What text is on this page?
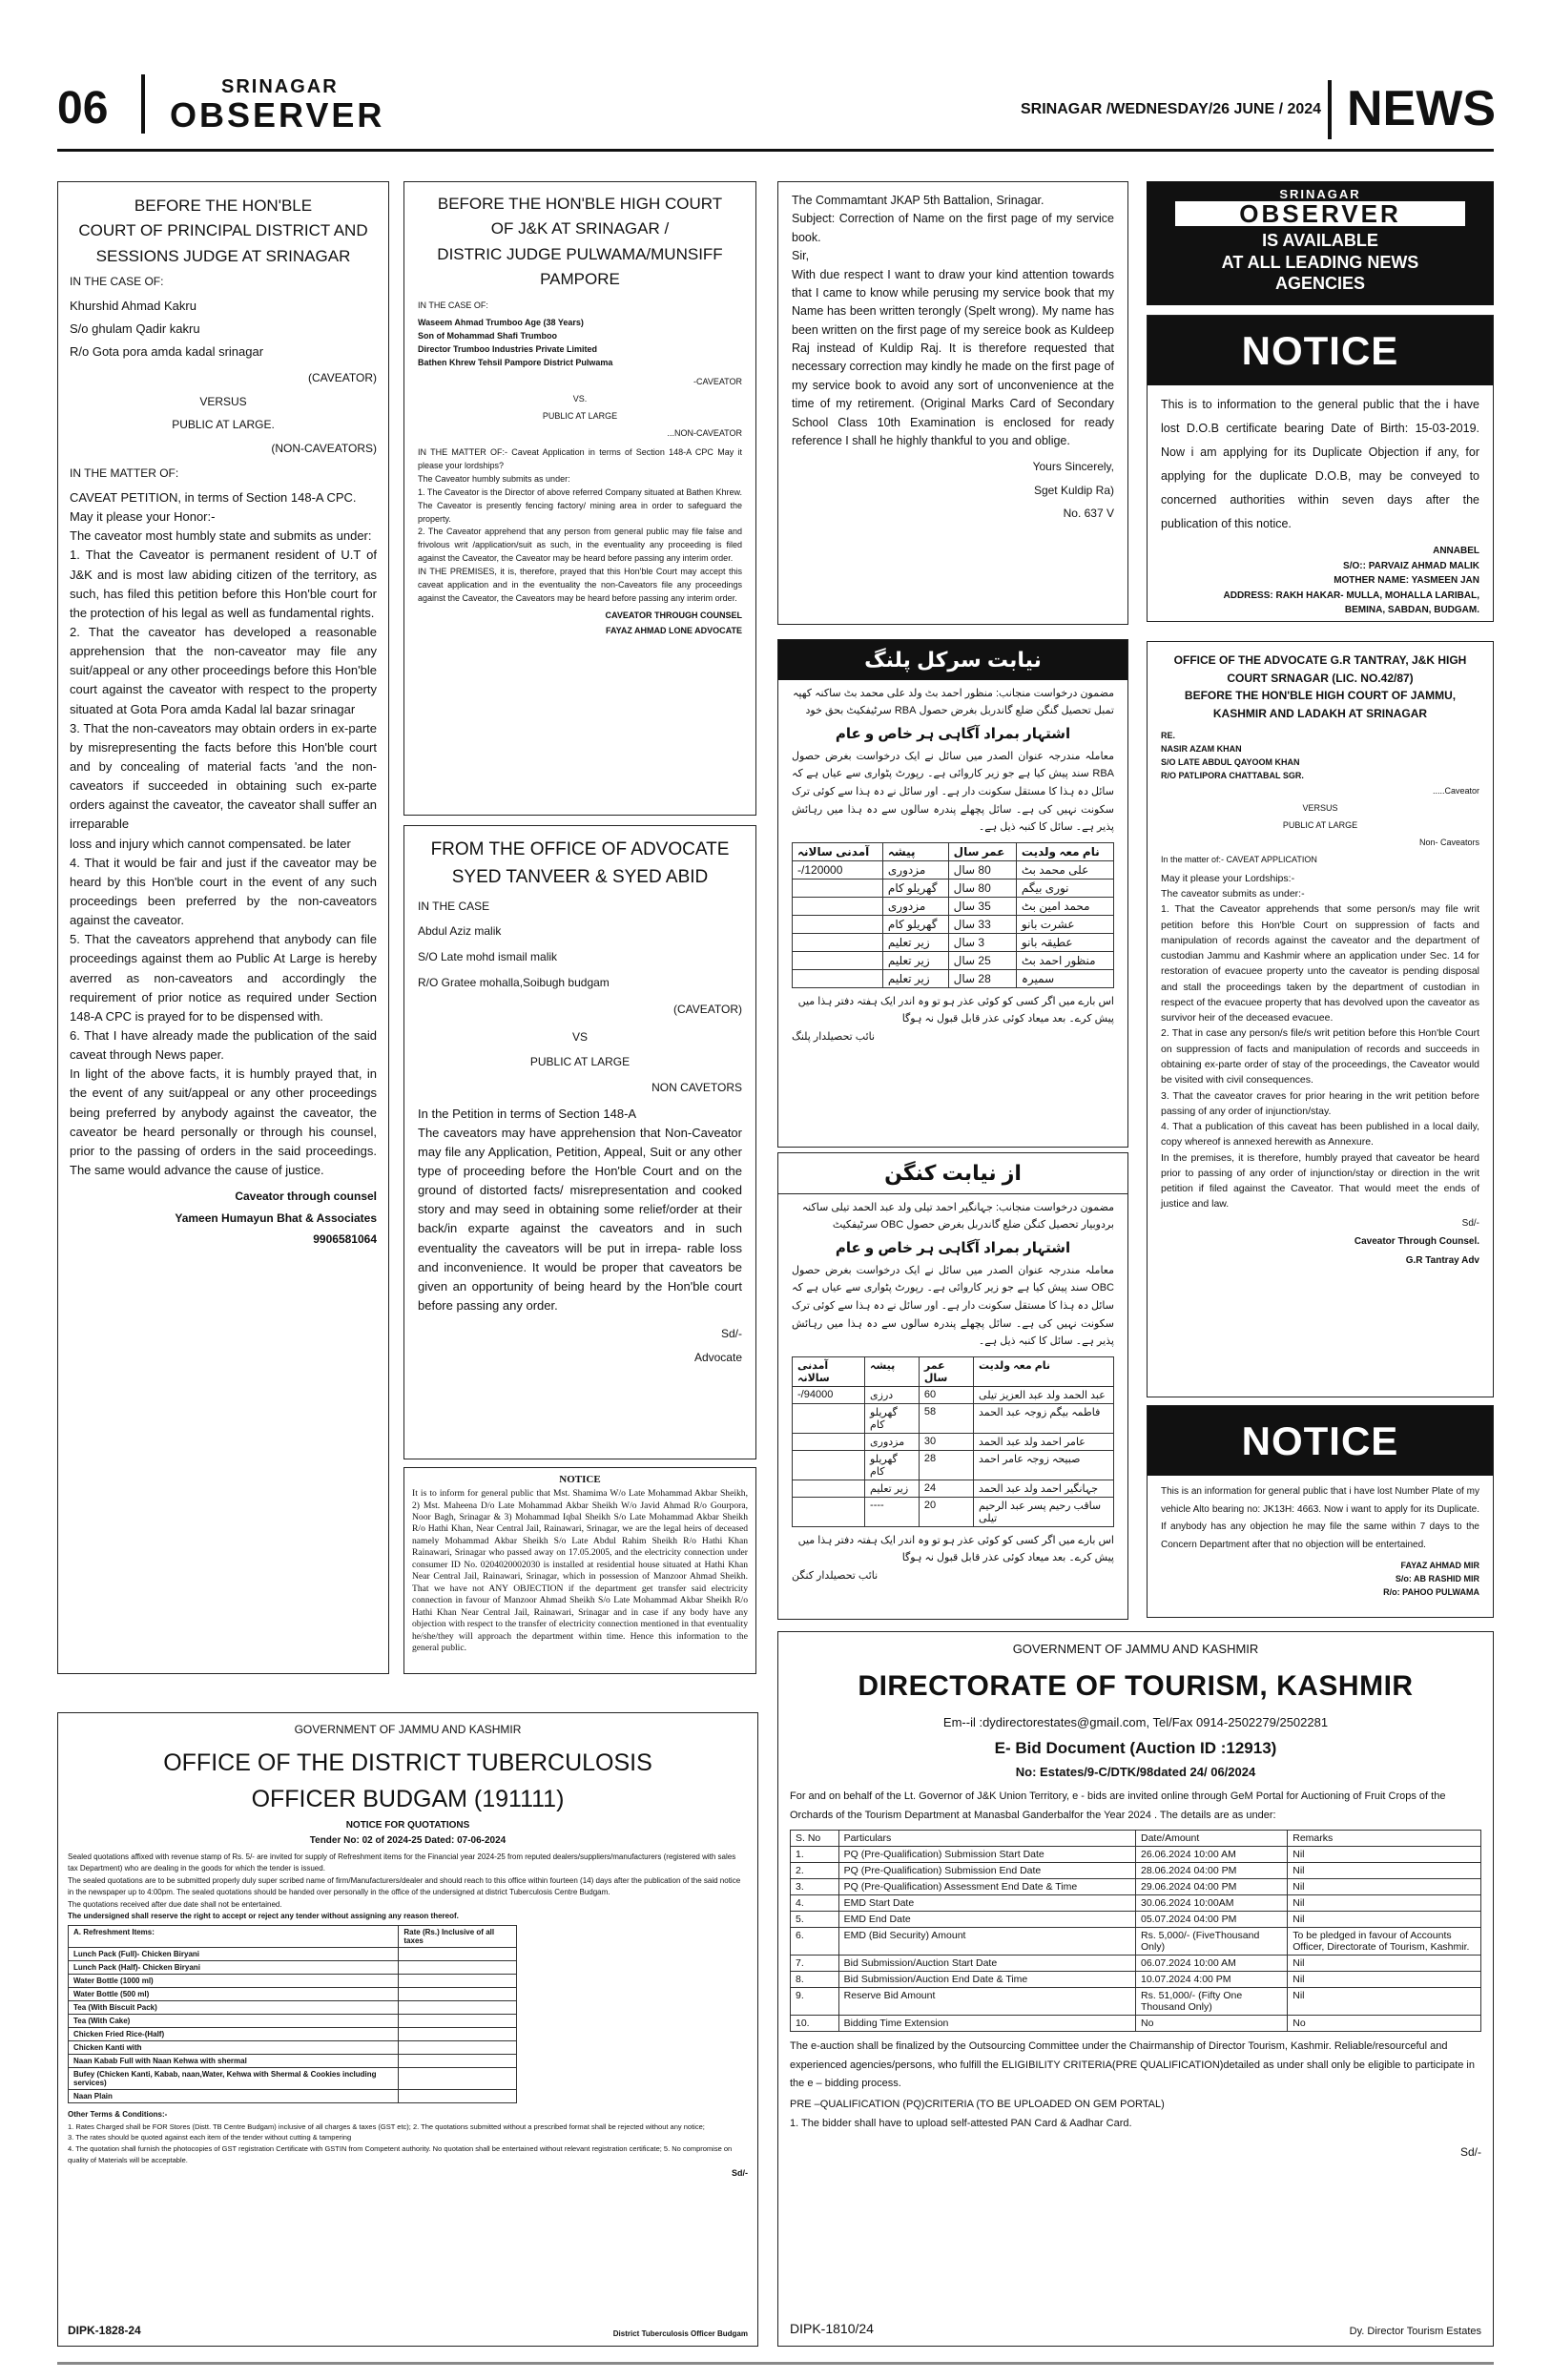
06	SRINAGAR
OBSERVER	SRINAGAR /WEDNESDAY/26 JUNE / 2024 NEWS
BEFORE THE HON'BLE
COURT OF PRINCIPAL DISTRICT AND
SESSIONS JUDGE AT SRINAGAR
IN THE CASE OF:
Khurshid Ahmad Kakru
S/o ghulam Qadir kakru
R/o Gota pora amda kadal srinagar
(CAVEATOR)
VERSUS
PUBLIC AT LARGE.
(NON-CAVEATORS)
IN THE MATTER OF:

CAVEAT PETITION, in terms of Section 148-A CPC.

May it please your Honor:-

The caveator most humbly state and submits as under:

1. That the Caveator is permanent resident of U.T of J&K and is most law abiding citizen of the territory, as such, has filed this petition before this Hon'ble court for the protection of his legal as well as fundamental rights.

2. That the caveator has developed a reasonable apprehension that the non-caveator may file any suit/appeal or any other proceedings before this Hon'ble court against the caveator with respect to the property situated at Gota Pora amda Kadal lal bazar srinagar

3. That the non-caveators may obtain orders in ex-parte by misrepresenting the facts before this Hon'ble court and by concealing of material facts 'and the non-caveators if succeeded in obtaining such ex-parte orders against the caveator, the caveator shall suffer an irreparable

loss and injury which cannot compensated. be later

4. That it would be fair and just if the caveator may be heard by this Hon'ble court in the event of any such proceedings been preferred by the non-caveators against the caveator.

5. That the caveators apprehend that anybody can file proceedings against them ao Public At Large is hereby averred as non-caveators and accordingly the requirement of prior notice as required under Section 148-A CPC is prayed for to be dispensed with.

6. That I have already made the publication of the said caveat through News paper.

In light of the above facts, it is humbly prayed that, in the event of any suit/appeal or any other proceedings being preferred by anybody against the caveator, the caveator be heard personally or through his counsel, prior to the passing of orders in the said proceedings. The same would advance the cause of justice.

Caveator through counsel
Yameen Humayun Bhat & Associates
9906581064
BEFORE THE HON'BLE HIGH COURT
OF J&K AT SRINAGAR /
DISTRIC JUDGE PULWAMA/MUNSIFF
PAMPORE
IN THE CASE OF:
Waseem Ahmad Trumboo Age (38 Years)
Son of Mohammad Shafi Trumboo
Director Trumboo Industries Private Limited
Bathen Khrew Tehsil Pampore District Pulwama
-CAVEATOR
VS.
PUBLIC AT LARGE
...NON-CAVEATOR

IN THE MATTER OF:- Caveat Application in terms of Section 148-A CPC May it please your lordships?

The Caveator humbly submits as under:

1. The Caveator is the Director of above referred Company situated at Bathen Khrew. The Caveator is presently fencing factory/ mining area in order to safeguard the property.

2. The Caveator apprehend that any person from general public may file false and frivolous writ /application/suit as such, in the eventuality any proceeding is filed against the Caveator, the Caveator may be heard before passing any interim order.

IN THE PREMISES, it is, therefore, prayed that this Hon'ble Court may accept this caveat application and in the eventuality the non-Caveators file any proceedings against the Caveator, the Caveators may be heard before passing any interim order.

CAVEATOR THROUGH COUNSEL
FAYAZ AHMAD LONE ADVOCATE
FROM THE OFFICE OF ADVOCATE
SYED TANVEER & SYED ABID
IN THE CASE
Abdul Aziz malik
S/O Late mohd ismail malik
R/O Gratee mohalla,Soibugh budgam
(CAVEATOR)
VS
PUBLIC AT LARGE
NON CAVETORS

In the Petition in terms of Section 148-A

The caveators may have apprehension that Non-Caveator may file any Application, Petition, Appeal, Suit or any other type of proceeding before the Hon'ble Court and on the ground of distorted facts/ misrepresentation and cooked story and may seed in obtaining some relief/order at their back/in exparte against the caveators and in such eventuality the caveators will be put in irrepa- rable loss and inconvenience. It would be proper that caveators be given an opportunity of being heard by the Hon'ble court before passing any order.

Sd/-
Advocate
NOTICE
It is to inform for general public that Mst. Shamima W/o Late Mohammad Akbar Sheikh, 2) Mst. Maheena D/o Late Mohammad Akbar Sheikh W/o Javid Ahmad R/o Gourpora, Noor Bagh, Srinagar & 3) Mohammad Iqbal Sheikh S/o Late Mohammad Akbar Sheikh R/o Hathi Khan, Near Central Jail, Rainawari, Srinagar, we are the legal heirs of deceased namely Mohammad Akbar Sheikh S/o Late Abdul Rahim Sheikh R/o Hathi Khan Rainawari, Srinagar who passed away on 17.05.2005, and the electricity connection under consumer ID No. 0204020002030 is installed at residential house situated at Hathi Khan Near Central Jail, Rainawari, Srinagar, which in possession of Manzoor Ahmad Sheikh. That we have not ANY OBJECTION if the department get transfer said electricity connection in favour of Manzoor Ahmad Sheikh S/o Late Mohammad Akbar Sheikh R/o Hathi Khan Near Central Jail, Rainawari, Srinagar and in case if any body have any objection with respect to the transfer of electricity connection mentioned in that eventuality he/she/they will approach the department within time. Hence this information to the general public.

The Commamtant JKAP 5th Battalion, Srinagar.

Subject: Correction of Name on the first page of my service book.

Sir,

With due respect I want to draw your kind attention towards that I came to know while perusing my service book that my Name has been written terongly (Spelt wrong). My name has been written on the first page of my sereice book as Kuldeep Raj instead of Kuldip Raj. It is therefore requested that necessary correction may kindly he made on the first page of my service book to avoid any sort of unconvenience at the time of my retirement. (Original Marks Card of Secondary School Class 10th Examination is enclosed for ready reference I shall he highly thankful to you and oblige.

Yours Sincerely,
Sget Kuldip Ra)
No. 637 V
نیابت سرکل پلنگ
مضمون درخواست منجانب: منظور احمد بٹ ولد علی محمد بٹ ساکنہ کھپہ تمبل تحصیل گنگن ضلع گاندربل بغرض حصول RBA سرٹیفکیٹ بحق خود
اشتہار بمراد آگاہی ہر خاص و عام
معاملہ مندرجہ عنوان الصدر میں سائل نے ایک درخواست بغرض حصول RBA سند پیش کیا ہے جو زیر کاروائی ہے۔ رپورٹ پٹواری سے عیاں ہے کہ سائل دہ ہذا کا مستقل سکونت دار ہے۔ اور سائل نے دہ ہذا سے کوئی ترک سکونت نہیں کی ہے۔ سائل پچھلے پندرہ سالوں سے دہ ہذا میں رہائش پذیر ہے۔ سائل کا کنبہ ذیل ہے۔
نام معہ ولدیت	عمر سال	پیشہ	آمدنی سالانہ
علی محمد بٹ	80 سال	مزدوری	120000/-
نوری بیگم	80 سال	گھریلو کام	
محمد امین بٹ	35 سال	مزدوری	
عشرت بانو	33 سال	گھریلو کام	
عطیقہ بانو	3 سال	زیر تعلیم	
منظور احمد بٹ	25 سال	زیر تعلیم	
سمیرہ	28 سال	زیر تعلیم	
اس بارے میں اگر کسی کو کوئی عذر ہو تو وہ اندر ایک ہفتہ دفتر ہذا میں پیش کرے۔ بعد میعاد کوئی عذر قابل قبول نہ ہوگا
نائب تحصیلدار پلنگ
از نیابت کنگن
مضمون درخواست منجانب: جہانگیر احمد تیلی ولد عبد الحمد تیلی ساکنہ بردوبیار تحصیل کنگن ضلع گاندربل بغرض حصول OBC سرٹیفکیٹ
اشتہار بمراد آگاہی ہر خاص و عام
معاملہ مندرجہ عنوان الصدر میں سائل نے ایک درخواست بغرض حصول OBC سند پیش کیا ہے جو زیر کاروائی ہے۔ رپورٹ پٹواری سے عیاں ہے کہ سائل دہ ہذا کا مستقل سکونت دار ہے۔ اور سائل نے دہ ہذا سے کوئی ترک سکونت نہیں کی ہے۔ سائل پچھلے پندرہ سالوں سے دہ ہذا میں رہائش پذیر ہے۔ سائل کا کنبہ ذیل ہے۔
نام معہ ولدیت	عمر سال	پیشہ	آمدنی سالانہ
عبد الحمد ولد عبد العزیز تیلی	60	درزی	94000/-
فاطمہ بیگم زوجہ عبد الحمد	58	گھریلو کام	
عامر احمد ولد عبد الحمد	30	مزدوری	
صبیحہ زوجہ عامر احمد	28	گھریلو کام	
جہانگیر احمد ولد عبد الحمد	24	زیر تعلیم	
ساقب رحیم پسر عبد الرحیم تیلی	20	----	
اس بارے میں اگر کسی کو کوئی عذر ہو تو وہ اندر ایک ہفتہ دفتر ہذا میں پیش کرے۔ بعد میعاد کوئی عذر قابل قبول نہ ہوگا
نائب تحصیلدار کنگن
SRINAGAR
OBSERVER
IS AVAILABLE
AT ALL LEADING NEWS
AGENCIES
NOTICE
This is to information to the general public that the i have lost D.O.B certificate bearing Date of Birth: 15-03-2019. Now i am applying for its Duplicate Objection if any, for applying for the duplicate D.O.B, may be conveyed to concerned authorities within seven days after the publication of this notice.
ANNABEL
S/O:: PARVAIZ AHMAD MALIK
MOTHER NAME: YASMEEN JAN
ADDRESS: RAKH HAKAR- MULLA, MOHALLA LARIBAL,
BEMINA, SABDAN, BUDGAM.
OFFICE OF THE ADVOCATE G.R TANTRAY, J&K HIGH
COURT SRNAGAR (LIC. NO.42/87)
BEFORE THE HON'BLE HIGH COURT OF JAMMU,
KASHMIR AND LADAKH AT SRINAGAR
RE.
NASIR AZAM KHAN
S/O LATE ABDUL QAYOOM KHAN
R/O PATLIPORA CHATTABAL SGR.
.....Caveator
VERSUS
PUBLIC AT LARGE
Non- Caveators
In the matter of:- CAVEAT APPLICATION

May it please your Lordships:-

The caveator submits as under:-

1. That the Caveator apprehends that some person/s may file writ petition before this Hon'ble Court on suppression of facts and manipulation of records against the caveator and the department of custodian Jammu and Kashmir where an application under Sec. 14 for restoration of evacuee property unto the caveator is pending disposal and stall the proceedings taken by the department of custodian in respect of the evacuee property that has devolved upon the caveator as survivor heir of the deceased evacuee.

2. That in case any person/s file/s writ petition before this Hon'ble Court on suppression of facts and manipulation of records and succeeds in obtaining ex-parte order of stay of the proceedings, the Caveator would be visited with civil consequences.

3. That the caveator craves for prior hearing in the writ petition before passing of any order of injunction/stay.

4. That a publication of this caveat has been published in a local daily, copy whereof is annexed herewith as Annexure.

In the premises, it is therefore, humbly prayed that caveator be heard prior to passing of any order of injunction/stay or direction in the writ petition if filed against the Caveator. That would meet the ends of justice and law.

Sd/-
Caveator Through Counsel.
G.R Tantray Adv
NOTICE
This is an information for general public that i have lost Number Plate of my vehicle Alto bearing no: JK13H: 4663. Now i want to apply for its Duplicate. If anybody has any objection he may file the same within 7 days to the Concern Department after that no objection will be entertained.
FAYAZ AHMAD MIR
S/o: AB RASHID MIR
R/o: PAHOO PULWAMA
GOVERNMENT OF JAMMU AND KASHMIR
OFFICE OF THE DISTRICT TUBERCULOSIS
OFFICER BUDGAM (191111)
NOTICE FOR QUOTATIONS
Tender No: 02 of 2024-25 Dated: 07-06-2024

Sealed quotations affixed with revenue stamp of Rs. 5/- are invited for supply of Refreshment items for the Financial year 2024-25 from reputed dealers/suppliers/manufacturers (registered with sales tax Department) who are dealing in the goods for which the tender is issued.

The sealed quotations are to be submitted properly duly super scribed name of firm/Manufacturers/dealer and should reach to this office within fourteen (14) days after the publication of the said notice in the newspaper up to 4:00pm. The sealed quotations should be handed over personally in the office of the undersigned at district Tuberculosis Centre Budgam.

The quotations received after due date shall not be entertained.

The undersigned shall reserve the right to accept or reject any tender without assigning any reason thereof.

A. Refreshment Items:	Rate (Rs.) Inclusive of all taxes
Lunch Pack (Full)- Chicken Biryani	
Lunch Pack (Half)- Chicken Biryani	
Water Bottle (1000 ml)	
Water Bottle (500 ml)	
Tea (With Biscuit Pack)	
Tea (With Cake)	
Chicken Fried Rice-(Half)	
Chicken Kanti with	
Naan Kabab Full with Naan Kehwa with shermal	
Bufey (Chicken Kanti, Kabab, naan,Water, Kehwa with Shermal & Cookies including services)	
Naan Plain	
Other Terms & Conditions:-

1. Rates Charged shall be FOR Stores (Distt. TB Centre Budgam) inclusive of all charges & taxes (GST etc); 2. The quotations submitted without a prescribed format shall be rejected without any notice;

3. The rates should be quoted against each item of the tender without cutting & tampering

4. The quotation shall furnish the photocopies of GST registration Certificate with GSTIN from Competent authority. No quotation shall be entertained without relevant registration certificate; 5. No compromise on quality of Materials will be acceptable.

Sd/-
DIPK-1828-24	District Tuberculosis Officer Budgam
GOVERNMENT OF JAMMU AND KASHMIR
DIRECTORATE OF TOURISM, KASHMIR
Em--il :dydirectorestates@gmail.com, Tel/Fax 0914-2502279/2502281
E- Bid Document (Auction ID :12913)
No: Estates/9-C/DTK/98dated 24/ 06/2024
For and on behalf of the Lt. Governor of J&K Union Territory, e - bids are invited online through GeM Portal for Auctioning of Fruit Crops of the Orchards of the Tourism Department at Manasbal Ganderbalfor the Year 2024 . The details are as under:
S. No	Particulars	Date/Amount	Remarks
1.	PQ (Pre-Qualification) Submission Start Date	26.06.2024 10:00 AM	Nil
2.	PQ (Pre-Qualification) Submission End Date	28.06.2024 04:00 PM	Nil
3.	PQ (Pre-Qualification) Assessment End Date & Time	29.06.2024 04:00 PM	Nil
4.	EMD Start Date	30.06.2024 10:00AM	Nil
5.	EMD End Date	05.07.2024 04:00 PM	Nil
6.	EMD (Bid Security) Amount	Rs. 5,000/- (FiveThousand Only)	To be pledged in favour of Accounts Officer, Directorate of Tourism, Kashmir.
7.	Bid Submission/Auction Start Date	06.07.2024 10:00 AM	Nil
8.	Bid Submission/Auction End Date & Time	10.07.2024 4:00 PM	Nil
9.	Reserve Bid Amount	Rs. 51,000/- (Fifty One Thousand Only)	Nil
10.	Bidding Time Extension	No	No
The e-auction shall be finalized by the Outsourcing Committee under the Chairmanship of Director Tourism, Kashmir. Reliable/resourceful and experienced agencies/persons, who fulfill the ELIGIBILITY CRITERIA(PRE QUALIFICATION)detailed as under shall only be eligible to participate in the e – bidding process.
PRE –QUALIFICATION (PQ)CRITERIA (TO BE UPLOADED ON GEM PORTAL)
1. The bidder shall have to upload self-attested PAN Card & Aadhar Card.
Sd/-
DIPK-1810/24	Dy. Director Tourism Estates
